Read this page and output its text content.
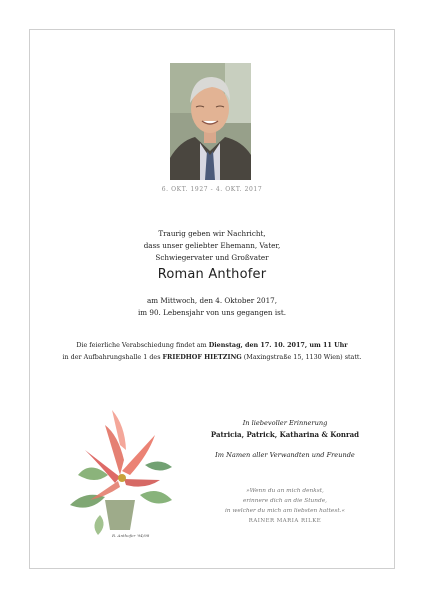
6. OKT. 1927 - 4. OKT. 2017
Traurig geben wir Nachricht,
dass unser geliebter Ehemann, Vater,
Schwiegervater und Großvater
Roman Anthofer
am Mittwoch, den 4. Oktober 2017,
im 90. Lebensjahr von uns gegangen ist.
Die feierliche Verabschiedung findet am Dienstag, den 17. 10. 2017, um 11 Uhr
in der Aufbahrungshalle 1 des FRIEDHOF HIETZING (Maxingstraße 15, 1130 Wien) statt.
R. Anthofer '94/98
In liebevoller Erinnerung
Patricia, Patrick, Katharina & Konrad
Im Namen aller Verwandten und Freunde
»Wenn du an mich denkst,
erinnere dich an die Stunde,
in welcher du mich am liebsten hattest.«
RAINER MARIA RILKE
